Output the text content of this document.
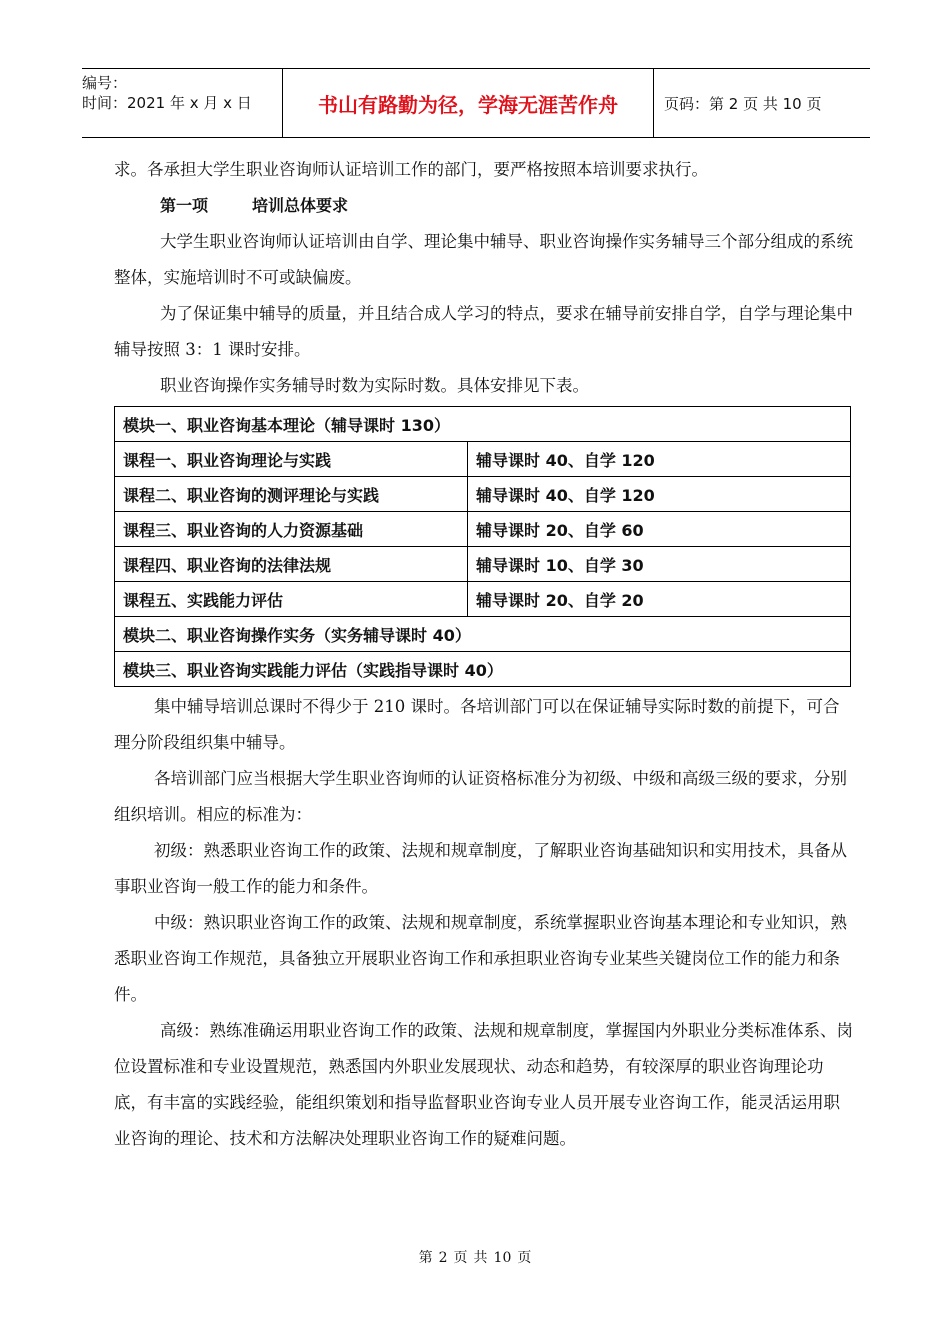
编号：
时间：2021 年 x 月 x 日	书山有路勤为径，学海无涯苦作舟	页码：第 2 页 共 10 页

求。各承担大学生职业咨询师认证培训工作的部门，要严格按照本培训要求执行。

第一项	培训总体要求

大学生职业咨询师认证培训由自学、理论集中辅导、职业咨询操作实务辅导三个部分组成的系统整体，实施培训时不可或缺偏废。

为了保证集中辅导的质量，并且结合成人学习的特点，要求在辅导前安排自学，自学与理论集中辅导按照 3：1 课时安排。

职业咨询操作实务辅导时数为实际时数。具体安排见下表。

模块一、职业咨询基本理论（辅导课时 130）	
课程一、职业咨询理论与实践	辅导课时 40、自学 120
课程二、职业咨询的测评理论与实践	辅导课时 40、自学 120
课程三、职业咨询的人力资源基础	辅导课时 20、自学 60
课程四、职业咨询的法律法规	辅导课时 10、自学 30
课程五、实践能力评估	辅导课时 20、自学 20
模块二、职业咨询操作实务（实务辅导课时 40）	
模块三、职业咨询实践能力评估（实践指导课时 40）	

集中辅导培训总课时不得少于 210 课时。各培训部门可以在保证辅导实际时数的前提下，可合理分阶段组织集中辅导。

各培训部门应当根据大学生职业咨询师的认证资格标准分为初级、中级和高级三级的要求，分别组织培训。相应的标准为：

初级：熟悉职业咨询工作的政策、法规和规章制度，了解职业咨询基础知识和实用技术，具备从事职业咨询一般工作的能力和条件。

中级：熟识职业咨询工作的政策、法规和规章制度，系统掌握职业咨询基本理论和专业知识，熟悉职业咨询工作规范，具备独立开展职业咨询工作和承担职业咨询专业某些关键岗位工作的能力和条件。

高级：熟练准确运用职业咨询工作的政策、法规和规章制度，掌握国内外职业分类标准体系、岗位设置标准和专业设置规范，熟悉国内外职业发展现状、动态和趋势，有较深厚的职业咨询理论功底，有丰富的实践经验，能组织策划和指导监督职业咨询专业人员开展专业咨询工作，能灵活运用职业咨询的理论、技术和方法解决处理职业咨询工作的疑难问题。

第 2 页 共 10 页
